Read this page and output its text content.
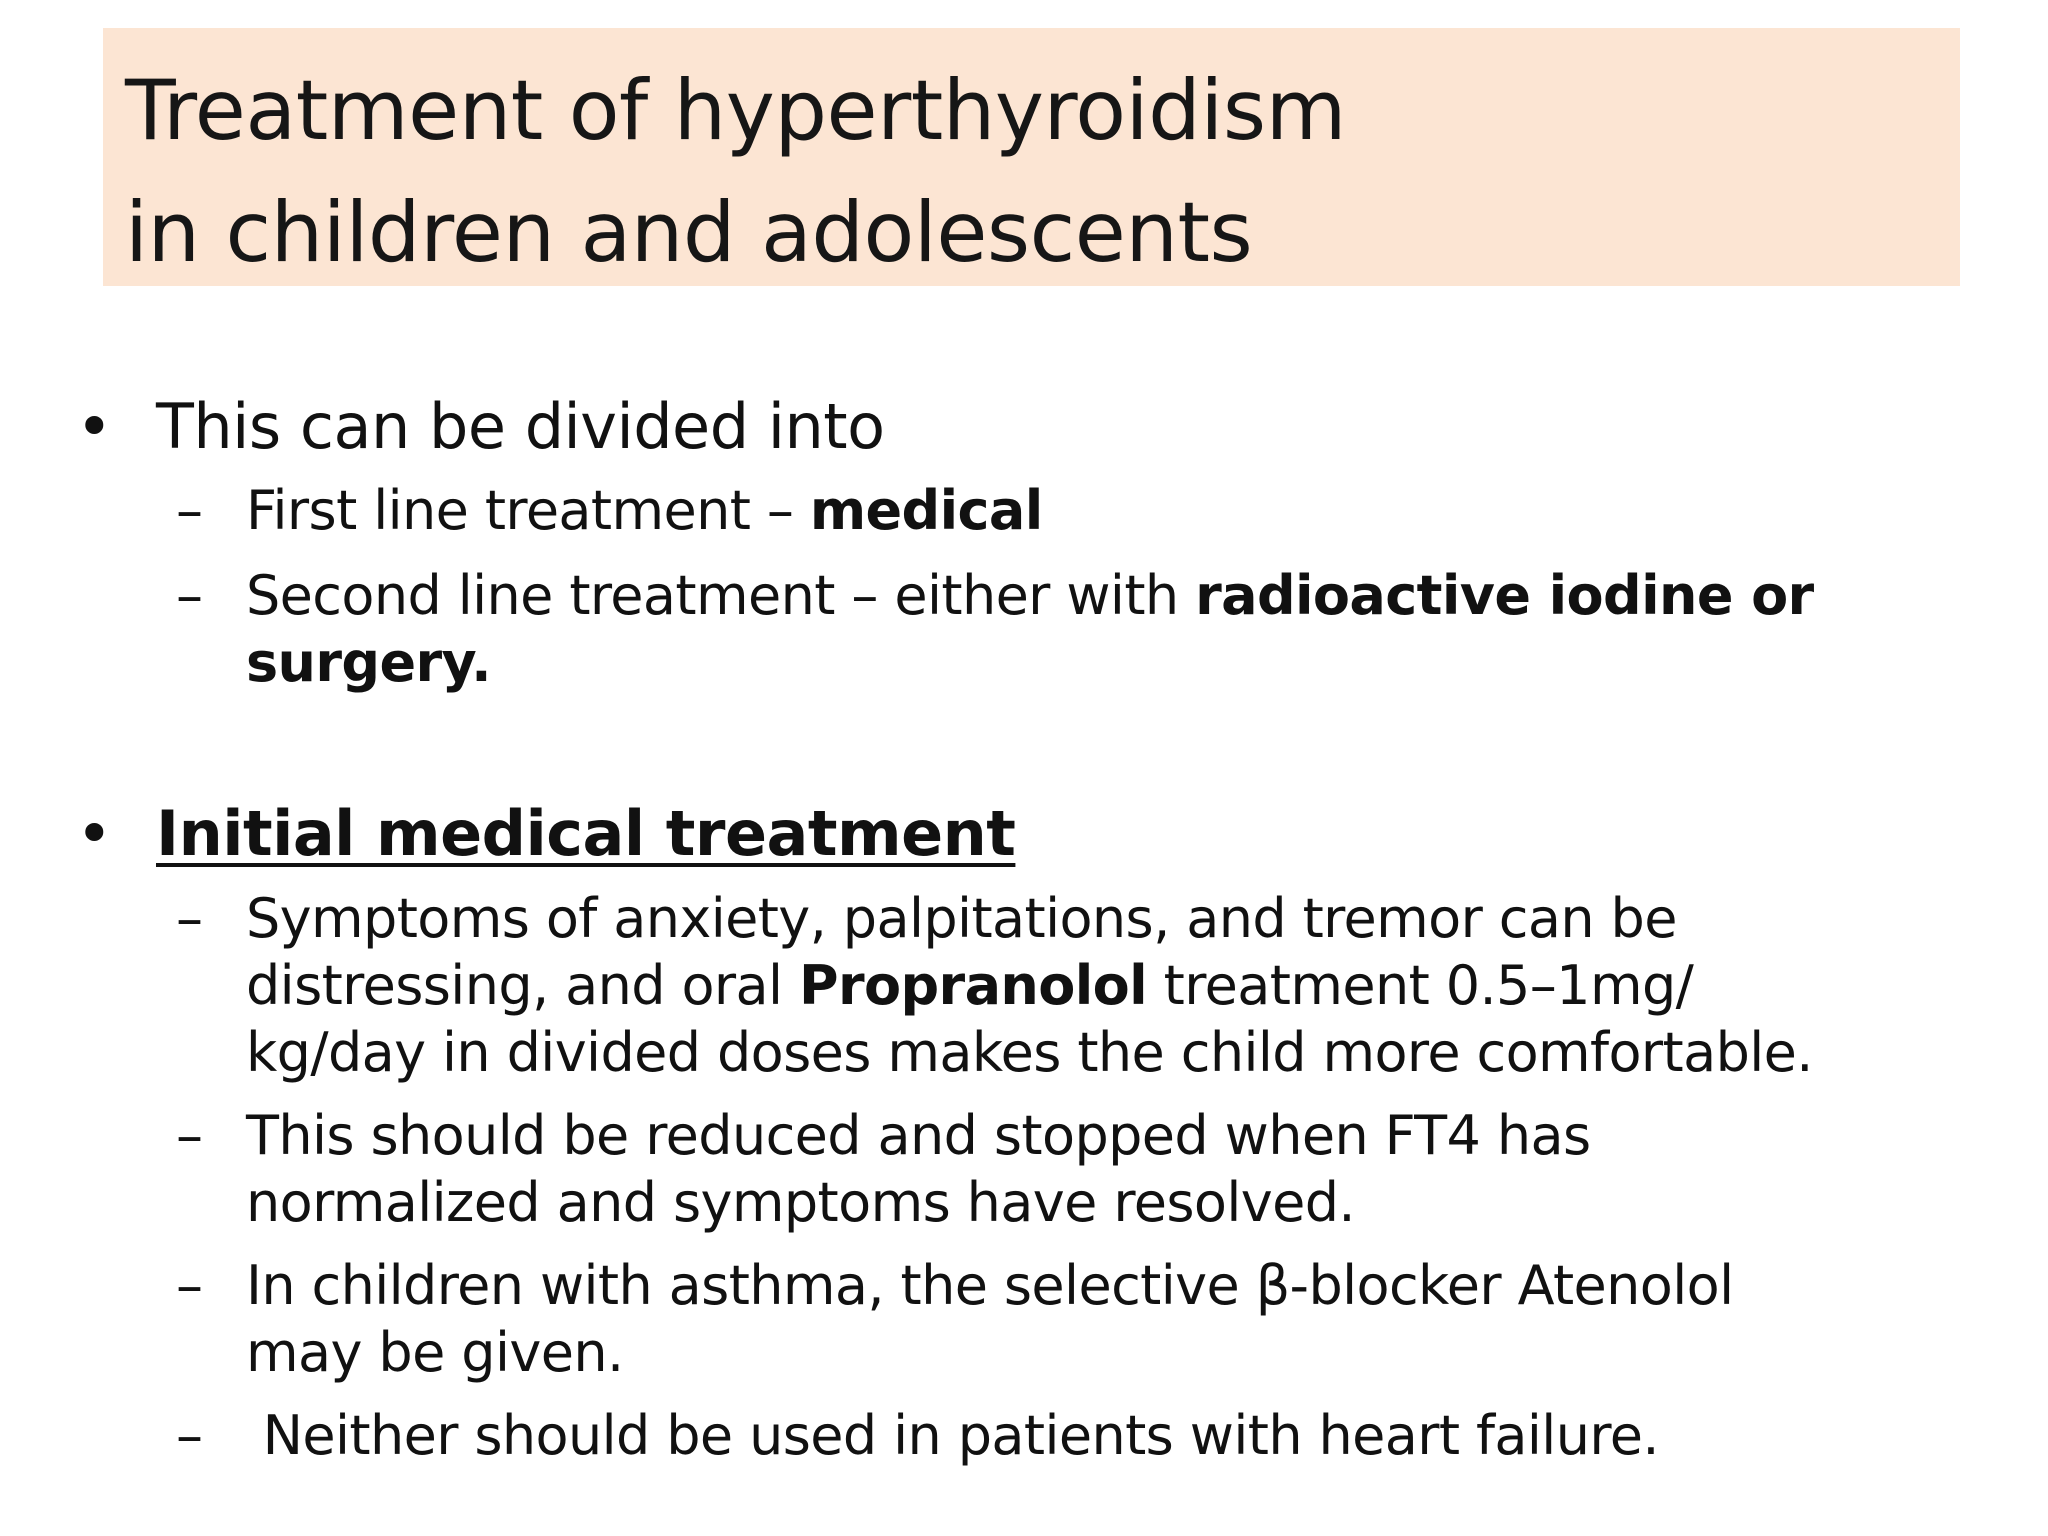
Treatment of hyperthyroidism
in children and adolescents
• This can be divided into
– First line treatment – medical
– Second line treatment – either with radioactive iodine or
surgery.
• Initial medical treatment
– Symptoms of anxiety, palpitations, and tremor can be
distressing, and oral Propranolol treatment 0.5–1mg/
kg/day in divided doses makes the child more comfortable.
– This should be reduced and stopped when FT4 has
normalized and symptoms have resolved.
– In children with asthma, the selective β-blocker Atenolol
may be given.
– Neither should be used in patients with heart failure.
